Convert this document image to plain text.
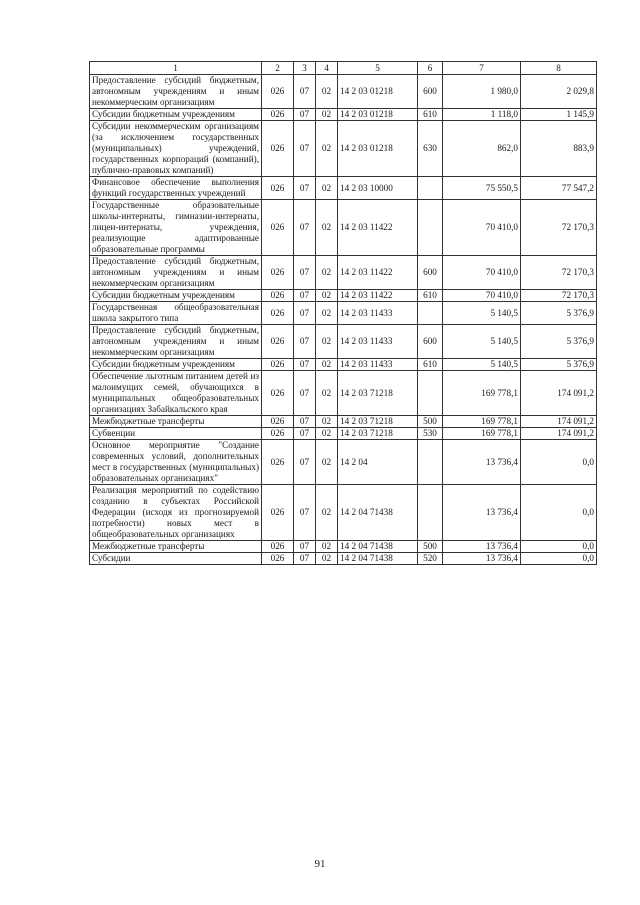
1	2	3	4	5	6	7	8
Предоставление субсидий бюджетным, автономным учреждениям и иным некоммерческим организациям	026	07	02	14 2 03 01218	600	1 980,0	2 029,8
Субсидии бюджетным учреждениям	026	07	02	14 2 03 01218	610	1 118,0	1 145,9
Субсидии некоммерческим организациям (за исключением государственных (муниципальных) учреждений, государственных корпораций (компаний), публично-правовых компаний)	026	07	02	14 2 03 01218	630	862,0	883,9
Финансовое обеспечение выполнения функций государственных учреждений	026	07	02	14 2 03 10000		75 550,5	77 547,2
Государственные образовательные школы-интернаты, гимназии-интернаты, лицеи-интернаты, учреждения, реализующие адаптированные образовательные программы	026	07	02	14 2 03 11422		70 410,0	72 170,3
Предоставление субсидий бюджетным, автономным учреждениям и иным некоммерческим организациям	026	07	02	14 2 03 11422	600	70 410,0	72 170,3
Субсидии бюджетным учреждениям	026	07	02	14 2 03 11422	610	70 410,0	72 170,3
Государственная общеобразовательная школа закрытого типа	026	07	02	14 2 03 11433		5 140,5	5 376,9
Предоставление субсидий бюджетным, автономным учреждениям и иным некоммерческим организациям	026	07	02	14 2 03 11433	600	5 140,5	5 376,9
Субсидии бюджетным учреждениям	026	07	02	14 2 03 11433	610	5 140,5	5 376,9
Обеспечение льготным питанием детей из малоимущих семей, обучающихся в муниципальных общеобразовательных организациях Забайкальского края	026	07	02	14 2 03 71218		169 778,1	174 091,2
Межбюджетные трансферты	026	07	02	14 2 03 71218	500	169 778,1	174 091,2
Субвенции	026	07	02	14 2 03 71218	530	169 778,1	174 091,2
Основное мероприятие "Создание современных условий, дополнительных мест в государственных (муниципальных) образовательных организациях"	026	07	02	14 2 04		13 736,4	0,0
Реализация мероприятий по содействию созданию в субъектах Российской Федерации (исходя из прогнозируемой потребности) новых мест в общеобразовательных организациях	026	07	02	14 2 04 71438		13 736,4	0,0
Межбюджетные трансферты	026	07	02	14 2 04 71438	500	13 736,4	0,0
Субсидии	026	07	02	14 2 04 71438	520	13 736,4	0,0
91
